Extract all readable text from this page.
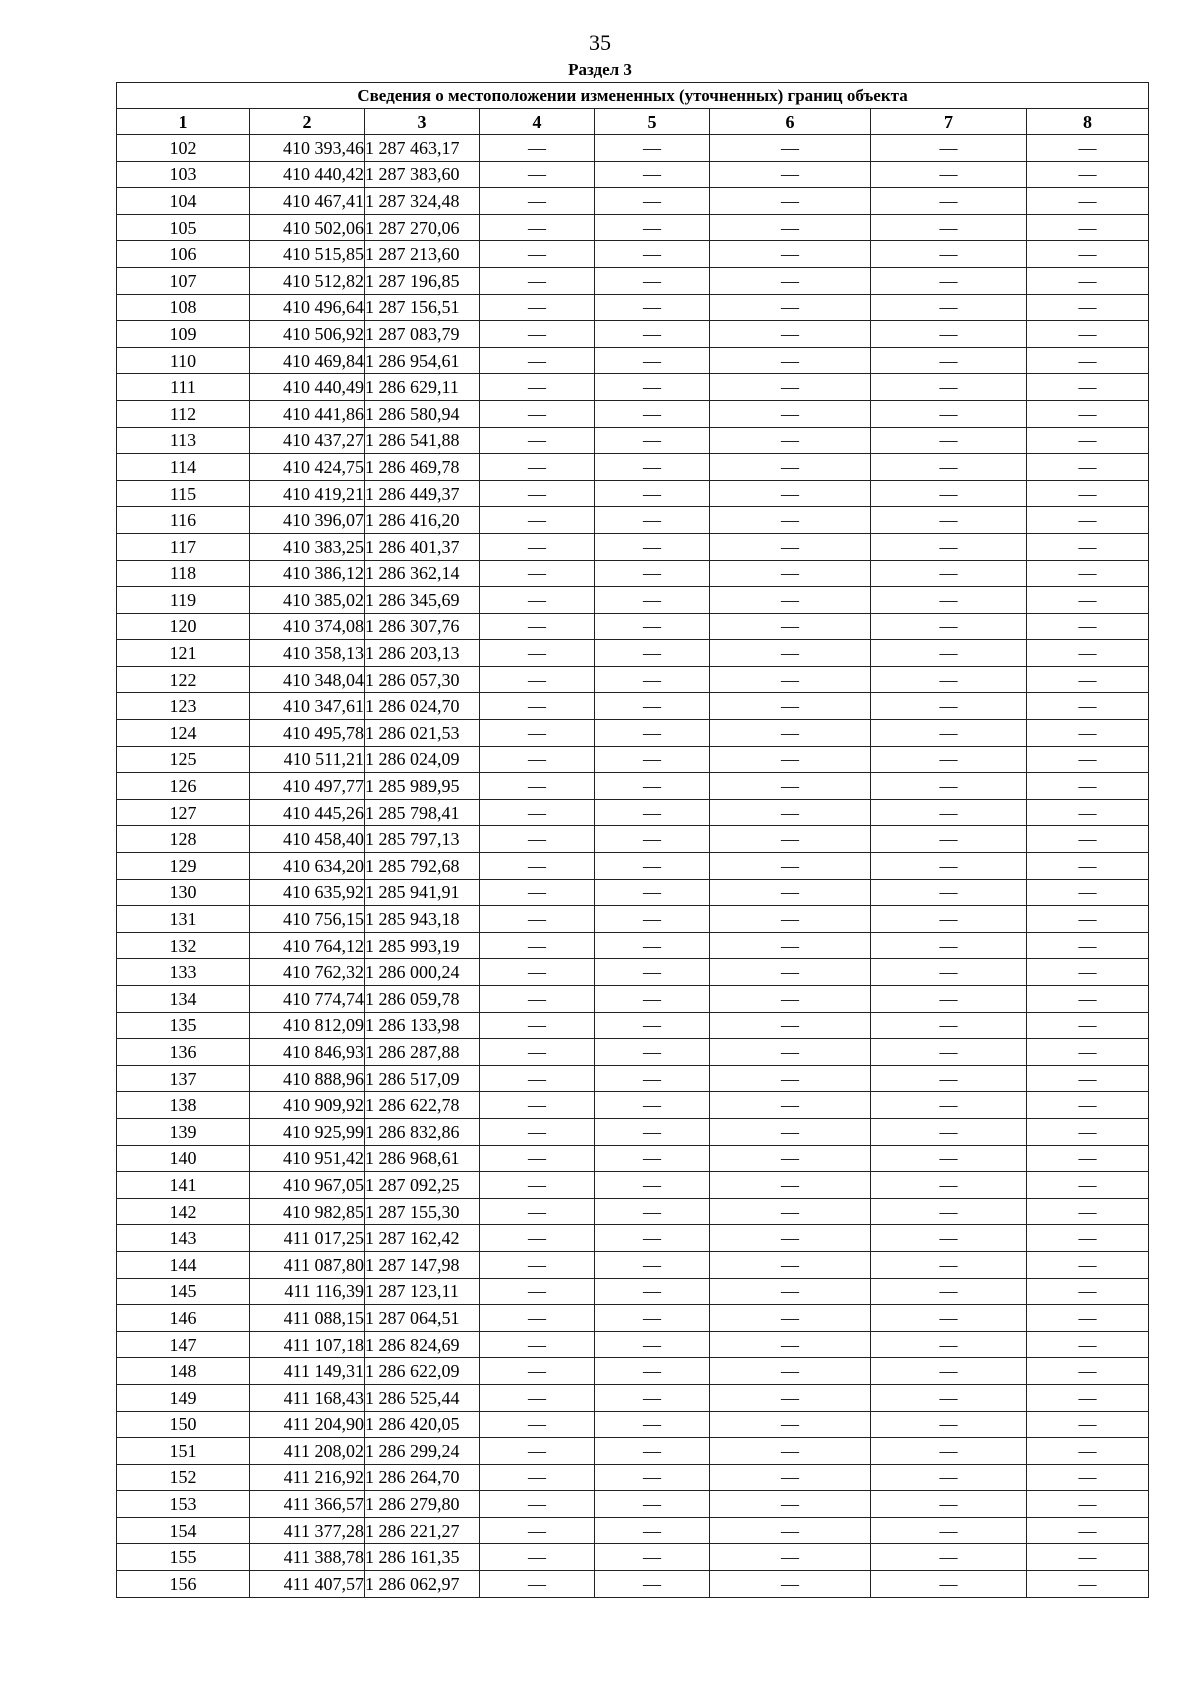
35
Раздел 3
Сведения о местоположении измененных (уточненных) границ объекта							
1	2	3	4	5	6	7	8
102	410 393,46	1 287 463,17	—	—	—	—	—
103	410 440,42	1 287 383,60	—	—	—	—	—
104	410 467,41	1 287 324,48	—	—	—	—	—
105	410 502,06	1 287 270,06	—	—	—	—	—
106	410 515,85	1 287 213,60	—	—	—	—	—
107	410 512,82	1 287 196,85	—	—	—	—	—
108	410 496,64	1 287 156,51	—	—	—	—	—
109	410 506,92	1 287 083,79	—	—	—	—	—
110	410 469,84	1 286 954,61	—	—	—	—	—
111	410 440,49	1 286 629,11	—	—	—	—	—
112	410 441,86	1 286 580,94	—	—	—	—	—
113	410 437,27	1 286 541,88	—	—	—	—	—
114	410 424,75	1 286 469,78	—	—	—	—	—
115	410 419,21	1 286 449,37	—	—	—	—	—
116	410 396,07	1 286 416,20	—	—	—	—	—
117	410 383,25	1 286 401,37	—	—	—	—	—
118	410 386,12	1 286 362,14	—	—	—	—	—
119	410 385,02	1 286 345,69	—	—	—	—	—
120	410 374,08	1 286 307,76	—	—	—	—	—
121	410 358,13	1 286 203,13	—	—	—	—	—
122	410 348,04	1 286 057,30	—	—	—	—	—
123	410 347,61	1 286 024,70	—	—	—	—	—
124	410 495,78	1 286 021,53	—	—	—	—	—
125	410 511,21	1 286 024,09	—	—	—	—	—
126	410 497,77	1 285 989,95	—	—	—	—	—
127	410 445,26	1 285 798,41	—	—	—	—	—
128	410 458,40	1 285 797,13	—	—	—	—	—
129	410 634,20	1 285 792,68	—	—	—	—	—
130	410 635,92	1 285 941,91	—	—	—	—	—
131	410 756,15	1 285 943,18	—	—	—	—	—
132	410 764,12	1 285 993,19	—	—	—	—	—
133	410 762,32	1 286 000,24	—	—	—	—	—
134	410 774,74	1 286 059,78	—	—	—	—	—
135	410 812,09	1 286 133,98	—	—	—	—	—
136	410 846,93	1 286 287,88	—	—	—	—	—
137	410 888,96	1 286 517,09	—	—	—	—	—
138	410 909,92	1 286 622,78	—	—	—	—	—
139	410 925,99	1 286 832,86	—	—	—	—	—
140	410 951,42	1 286 968,61	—	—	—	—	—
141	410 967,05	1 287 092,25	—	—	—	—	—
142	410 982,85	1 287 155,30	—	—	—	—	—
143	411 017,25	1 287 162,42	—	—	—	—	—
144	411 087,80	1 287 147,98	—	—	—	—	—
145	411 116,39	1 287 123,11	—	—	—	—	—
146	411 088,15	1 287 064,51	—	—	—	—	—
147	411 107,18	1 286 824,69	—	—	—	—	—
148	411 149,31	1 286 622,09	—	—	—	—	—
149	411 168,43	1 286 525,44	—	—	—	—	—
150	411 204,90	1 286 420,05	—	—	—	—	—
151	411 208,02	1 286 299,24	—	—	—	—	—
152	411 216,92	1 286 264,70	—	—	—	—	—
153	411 366,57	1 286 279,80	—	—	—	—	—
154	411 377,28	1 286 221,27	—	—	—	—	—
155	411 388,78	1 286 161,35	—	—	—	—	—
156	411 407,57	1 286 062,97	—	—	—	—	—
